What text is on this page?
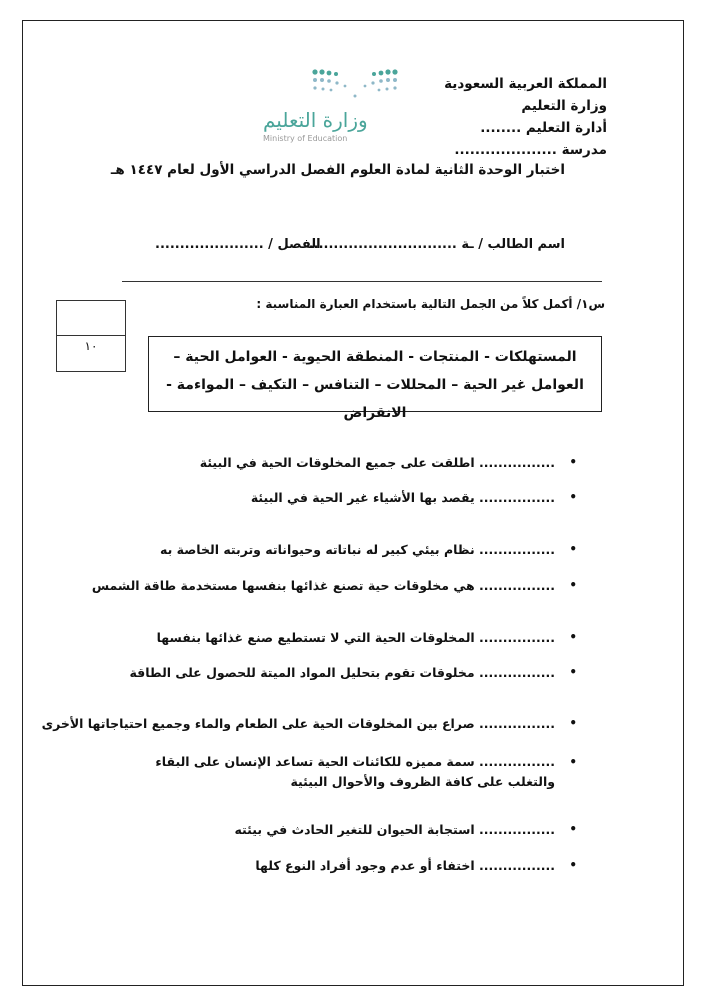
وزارة التعليم
Ministry of Education
المملكة العربية السعودية
وزارة التعليم
أدارة التعليم ........
مدرسة ....................
اختبار الوحدة الثانية لمادة العلوم الفصل الدراسي الأول لعام ١٤٤٧ هـ
اسم الطالب / ـة ..............................
الفصل / ......................
س١/ أكمل كلاً من الجمل التالية باستخدام العبارة المناسبة :
١٠
المستهلكات - المنتجات - المنطقة الحيوية - العوامل الحية –
العوامل غير الحية – المحللات – التنافس – التكيف – المواءمة - الانقراض
•
................ اطلقت على جميع المخلوقات الحية في البيئة
•
................ يقصد بها الأشياء غير الحية في البيئة
•
................ نظام بيئي كبير له نباتاته وحيواناته وتربته الخاصة به
•
................ هي مخلوقات حية تصنع غذائها بنفسها مستخدمة طاقة الشمس
•
................ المخلوقات الحية التي لا تستطيع صنع غذائها بنفسها
•
................ مخلوقات تقوم بتحليل المواد الميتة للحصول على الطاقة
•
................ صراع بين المخلوقات الحية على الطعام والماء وجميع احتياجاتها الأخرى
•
................ سمة مميزه للكائنات الحية تساعد الإنسان على البقاء والتغلب على كافة الظروف والأحوال البيئية
•
................ استجابة الحيوان للتغير الحادث في بيئته
•
................ اختفاء أو عدم وجود أفراد النوع كلها
